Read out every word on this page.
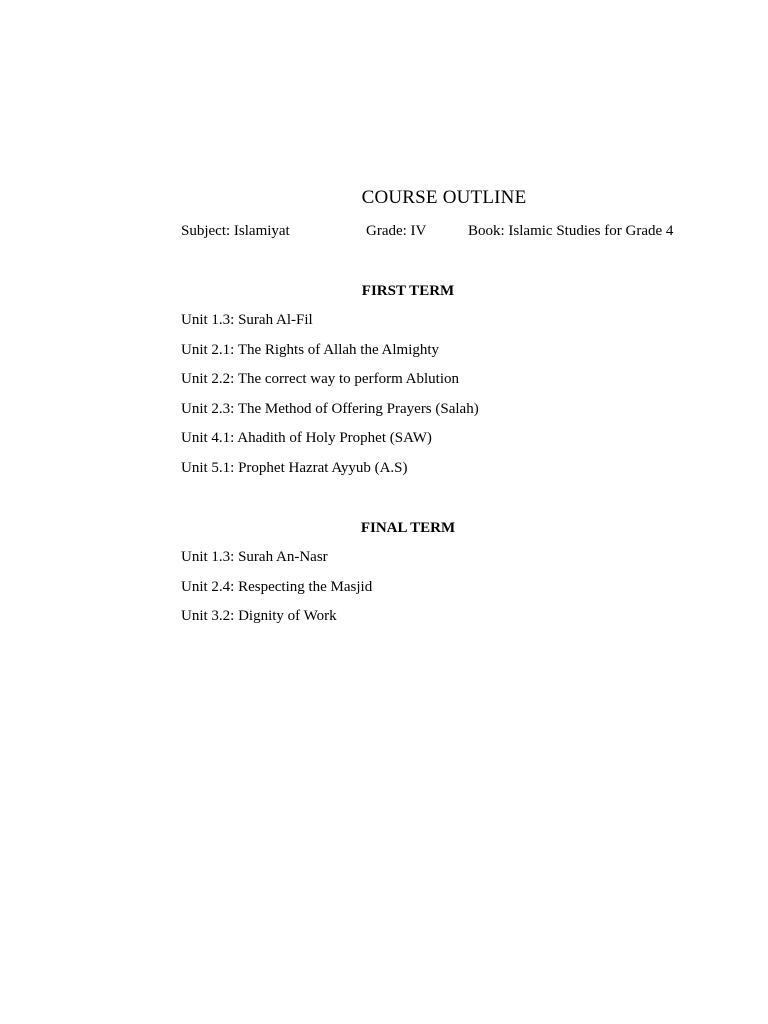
COURSE OUTLINE
Subject: Islamiyat	Grade: IV	Book: Islamic Studies for Grade 4
FIRST TERM
Unit 1.3: Surah Al-Fil
Unit 2.1: The Rights of Allah the Almighty
Unit 2.2: The correct way to perform Ablution
Unit 2.3: The Method of Offering Prayers (Salah)
Unit 4.1: Ahadith of Holy Prophet (SAW)
Unit 5.1: Prophet Hazrat Ayyub (A.S)
FINAL TERM
Unit 1.3: Surah An-Nasr
Unit 2.4: Respecting the Masjid
Unit 3.2: Dignity of Work
